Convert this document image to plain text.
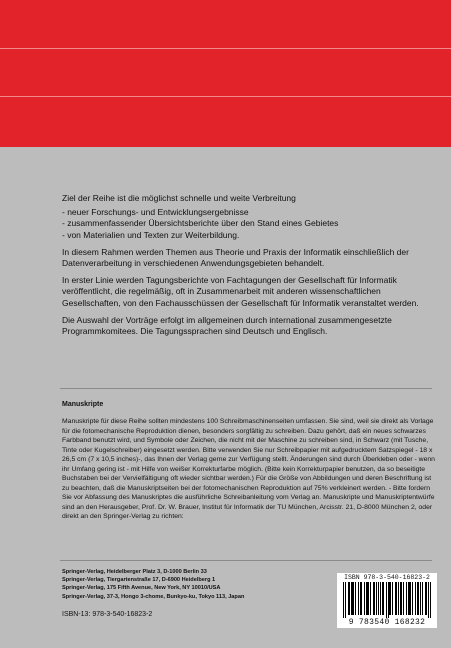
Ziel der Reihe ist die möglichst schnelle und weite Verbreitung
- neuer Forschungs- und Entwicklungsergebnisse
- zusammenfassender Übersichtsberichte über den Stand eines Gebietes
- von Materialien und Texten zur Weiterbildung.

In diesem Rahmen werden Themen aus Theorie und Praxis der Informatik einschließlich der Datenverarbeitung in verschiedenen Anwendungsgebieten behandelt.

In erster Linie werden Tagungsberichte von Fachtagungen der Gesellschaft für Informatik veröffentlicht, die regelmäßig, oft in Zusammenarbeit mit anderen wissenschaftlichen Gesellschaften, von den Fachausschüssen der Gesellschaft für Informatik veranstaltet werden.

Die Auswahl der Vorträge erfolgt im allgemeinen durch international zusammengesetzte Programmkomitees. Die Tagungssprachen sind Deutsch und Englisch.

Manuskripte
Manuskripte für diese Reihe sollten mindestens 100 Schreibmaschinenseiten umfassen. Sie sind, weil sie direkt als Vorlage für die fotomechanische Reproduktion dienen, besonders sorgfältig zu schreiben. Dazu gehört, daß ein neues schwarzes Farbband benutzt wird, und Symbole oder Zeichen, die nicht mit der Maschine zu schreiben sind, in Schwarz (mit Tusche, Tinte oder Kugelschreiber) eingesetzt werden. Bitte verwenden Sie nur Schreibpapier mit aufgedrucktem Satzspiegel - 18 x 26,5 cm (7 x 10,5 inches)-, das Ihnen der Verlag gerne zur Verfügung stellt. Änderungen sind durch Überkleben oder - wenn ihr Umfang gering ist - mit Hilfe von weißer Korrekturfarbe möglich. (Bitte kein Korrekturpapier benutzen, da so beseitigte Buchstaben bei der Vervielfältigung oft wieder sichtbar werden.) Für die Größe von Abbildungen und deren Beschriftung ist zu beachten, daß die Manuskriptseiten bei der fotomechanischen Reproduktion auf 75% verkleinert werden. - Bitte fordern Sie vor Abfassung des Manuskriptes die ausführliche Schreibanleitung vom Verlag an. Manuskripte und Manuskriptentwürfe sind an den Herausgeber, Prof. Dr. W. Brauer, Institut für Informatik der TU München, Arcisstr. 21, D-8000 München 2, oder direkt an den Springer-Verlag zu richten:
Springer-Verlag, Heidelberger Platz 3, D-1000 Berlin 33
Springer-Verlag, Tiergartenstraße 17, D-6900 Heidelberg 1
Springer-Verlag, 175 Fifth Avenue, New York, NY 10010/USA
Springer-Verlag, 37-3, Hongo 3-chome, Bunkyo-ku, Tokyo 113, Japan
ISBN-13: 978-3-540-16823-2
ISBN 978-3-540-16823-2
9 783540 168232
